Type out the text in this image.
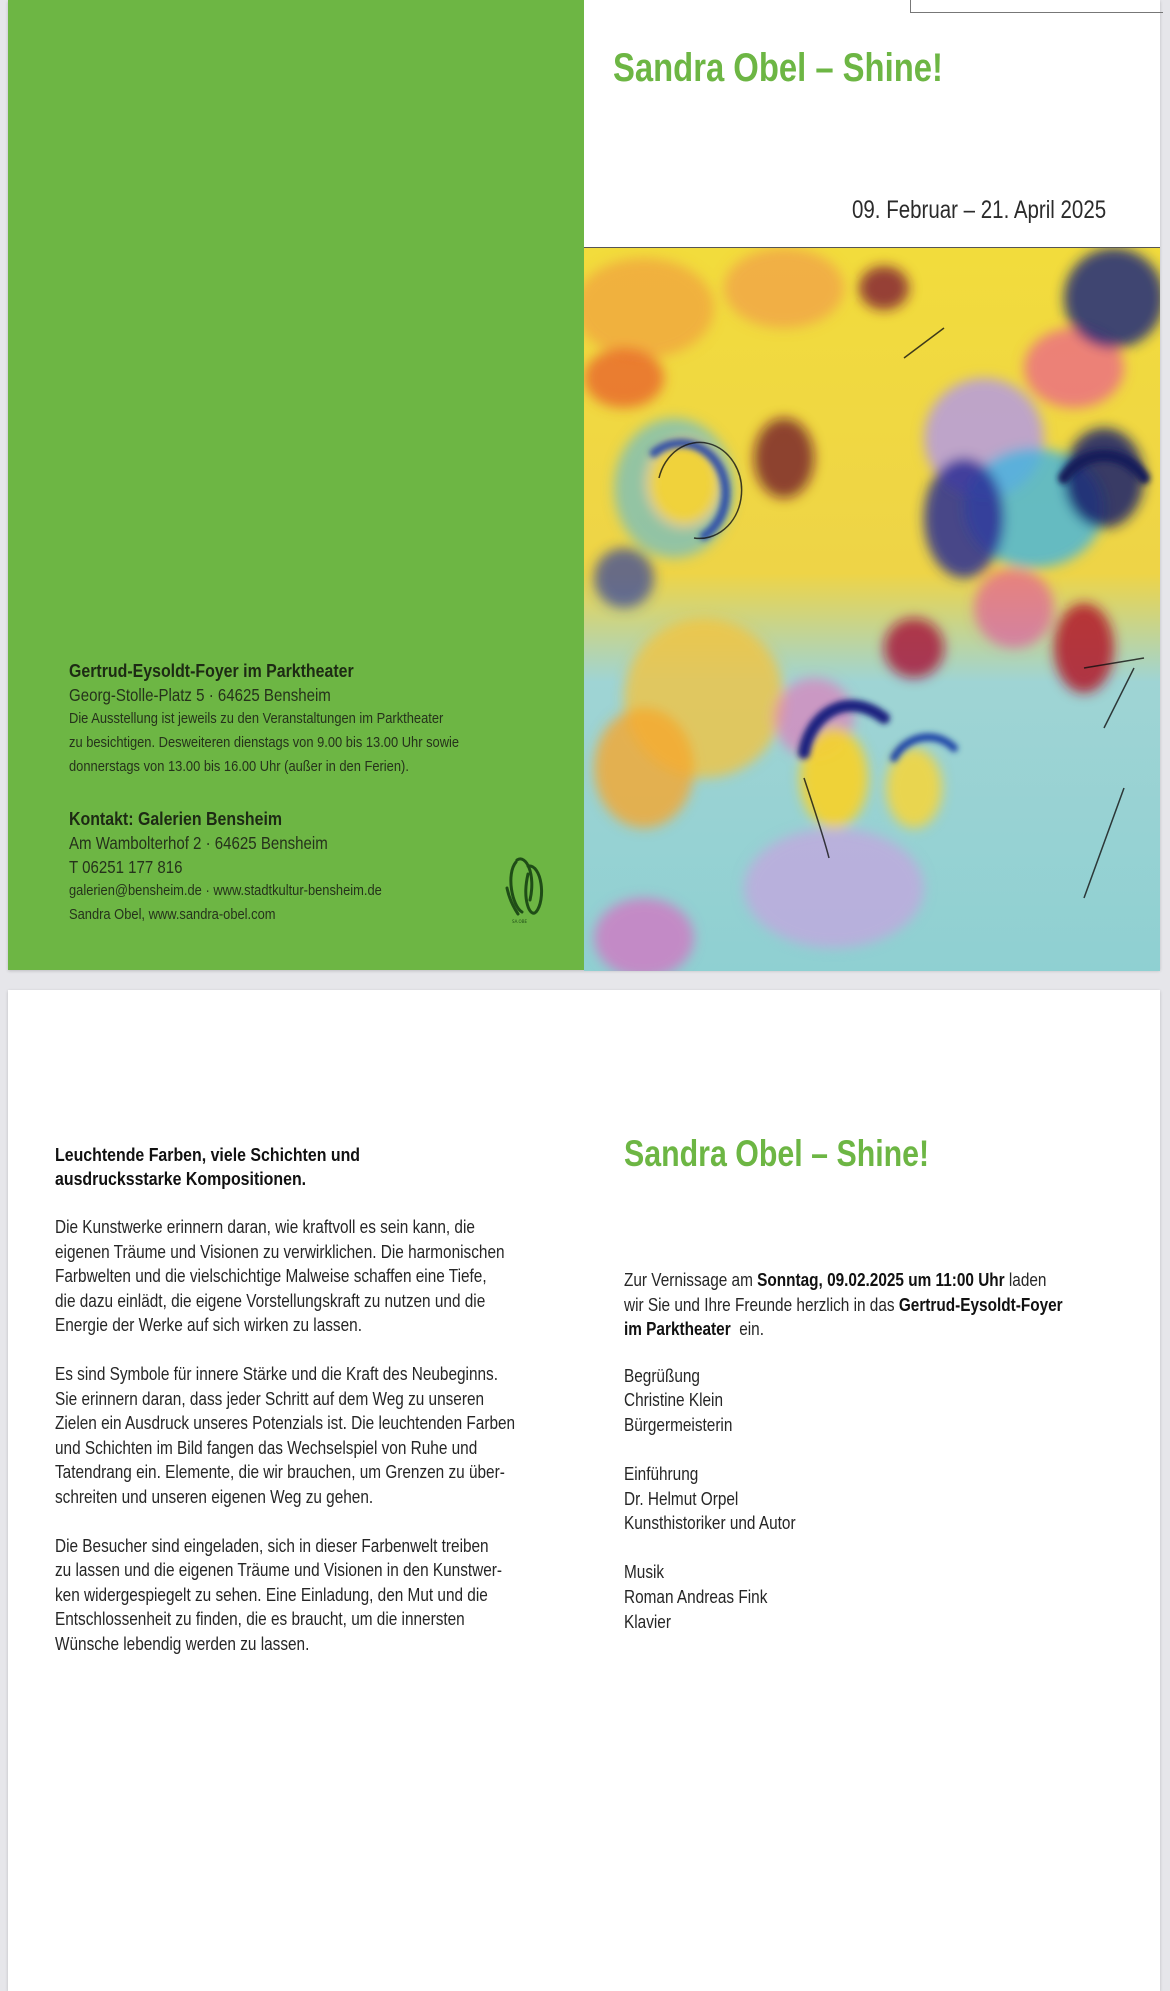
Gertrud-Eysoldt-Foyer im Parktheater
Georg-Stolle-Platz 5 · 64625 Bensheim
Die Ausstellung ist jeweils zu den Veranstaltungen im Parktheater
zu besichtigen. Desweiteren dienstags von 9.00 bis 13.00 Uhr sowie
donnerstags von 13.00 bis 16.00 Uhr (außer in den Ferien).
Kontakt: Galerien Bensheim
Am Wambolterhof 2 · 64625 Bensheim
T 06251 177 816
galerien@bensheim.de · www.stadtkultur-bensheim.de
Sandra Obel, www.sandra-obel.com	SA.OBE
Sandra Obel – Shine!
09. Februar – 21. April 2025
Leuchtende Farben, viele Schichten und
ausdrucksstarke Kompositionen.
Die Kunstwerke erinnern daran, wie kraftvoll es sein kann, die
eigenen Träume und Visionen zu verwirklichen. Die harmonischen
Farbwelten und die vielschichtige Malweise schaffen eine Tiefe,
die dazu einlädt, die eigene Vorstellungskraft zu nutzen und die
Energie der Werke auf sich wirken zu lassen.
Es sind Symbole für innere Stärke und die Kraft des Neubeginns.
Sie erinnern daran, dass jeder Schritt auf dem Weg zu unseren
Zielen ein Ausdruck unseres Potenzials ist. Die leuchtenden Farben
und Schichten im Bild fangen das Wechselspiel von Ruhe und
Tatendrang ein. Elemente, die wir brauchen, um Grenzen zu über-
schreiten und unseren eigenen Weg zu gehen.
Die Besucher sind eingeladen, sich in dieser Farbenwelt treiben
zu lassen und die eigenen Träume und Visionen in den Kunstwer-
ken widergespiegelt zu sehen. Eine Einladung, den Mut und die
Entschlossenheit zu finden, die es braucht, um die innersten
Wünsche lebendig werden zu lassen.
Sandra Obel – Shine!
Zur Vernissage am Sonntag, 09.02.2025 um 11:00 Uhr laden
wir Sie und Ihre Freunde herzlich in das Gertrud-Eysoldt-Foyer
im Parktheater  ein.
Begrüßung
Christine Klein
Bürgermeisterin
Einführung
Dr. Helmut Orpel
Kunsthistoriker und Autor
Musik
Roman Andreas Fink
Klavier
